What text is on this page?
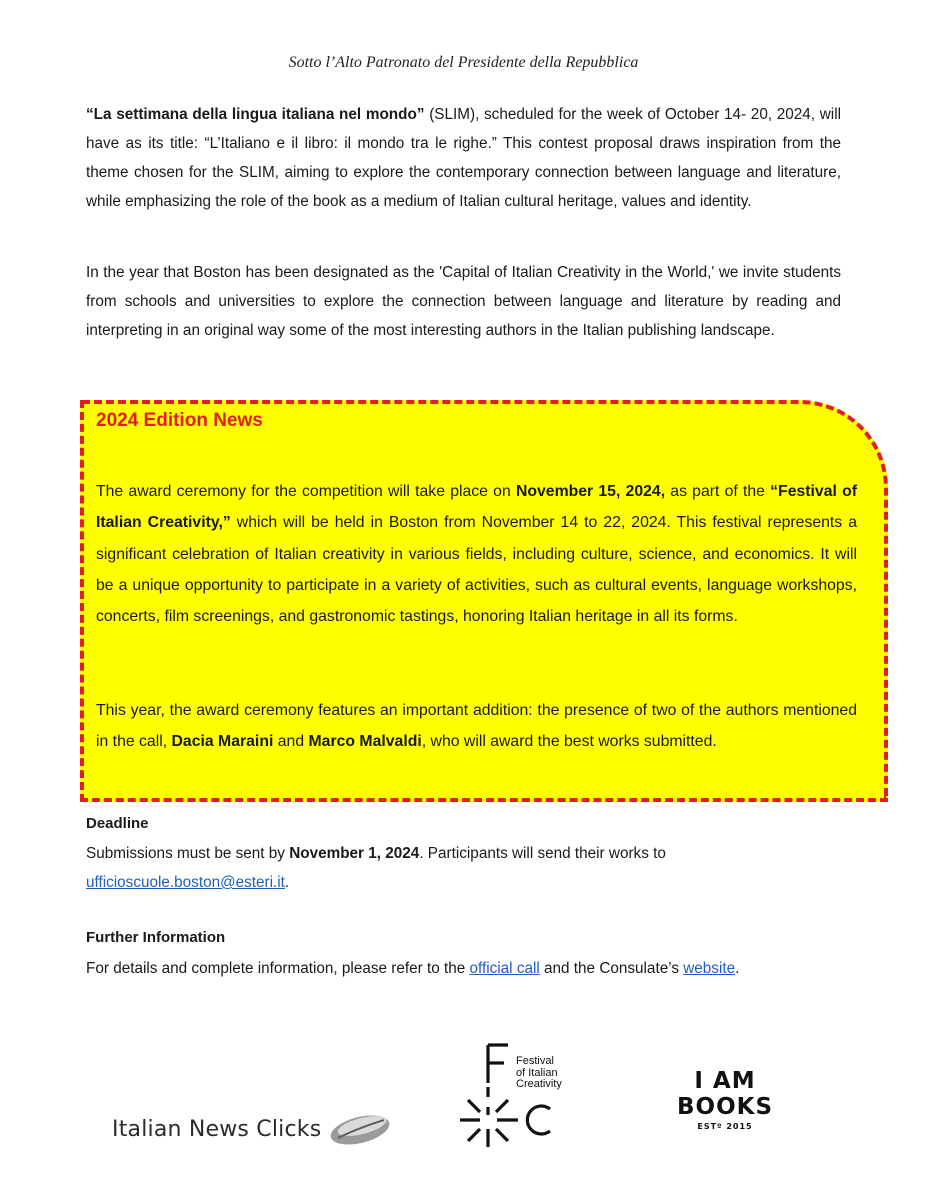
Sotto l’Alto Patronato del Presidente della Repubblica

“La settimana della lingua italiana nel mondo” (SLIM), scheduled for the week of October 14- 20, 2024, will have as its title: “L’Italiano e il libro: il mondo tra le righe.” This contest proposal draws inspiration from the theme chosen for the SLIM, aiming to explore the contemporary connection between language and literature, while emphasizing the role of the book as a medium of Italian cultural heritage, values and identity.

In the year that Boston has been designated as the 'Capital of Italian Creativity in the World,' we invite students from schools and universities to explore the connection between language and literature by reading and interpreting in an original way some of the most interesting authors in the Italian publishing landscape.

2024 Edition News

The award ceremony for the competition will take place on November 15, 2024, as part of the “Festival of Italian Creativity,” which will be held in Boston from November 14 to 22, 2024. This festival represents a significant celebration of Italian creativity in various fields, including culture, science, and economics. It will be a unique opportunity to participate in a variety of activities, such as cultural events, language workshops, concerts, film screenings, and gastronomic tastings, honoring Italian heritage in all its forms.

This year, the award ceremony features an important addition: the presence of two of the authors mentioned in the call, Dacia Maraini and Marco Malvaldi, who will award the best works submitted.

Deadline

Submissions must be sent by November 1, 2024. Participants will send their works to
ufficioscuole.boston@esteri.it.

Further Information

For details and complete information, please refer to the official call and the Consulate’s website.

Italian News Clicks
Festival
of Italian
Creativity	I AM
BOOKS
ESTº 2015
